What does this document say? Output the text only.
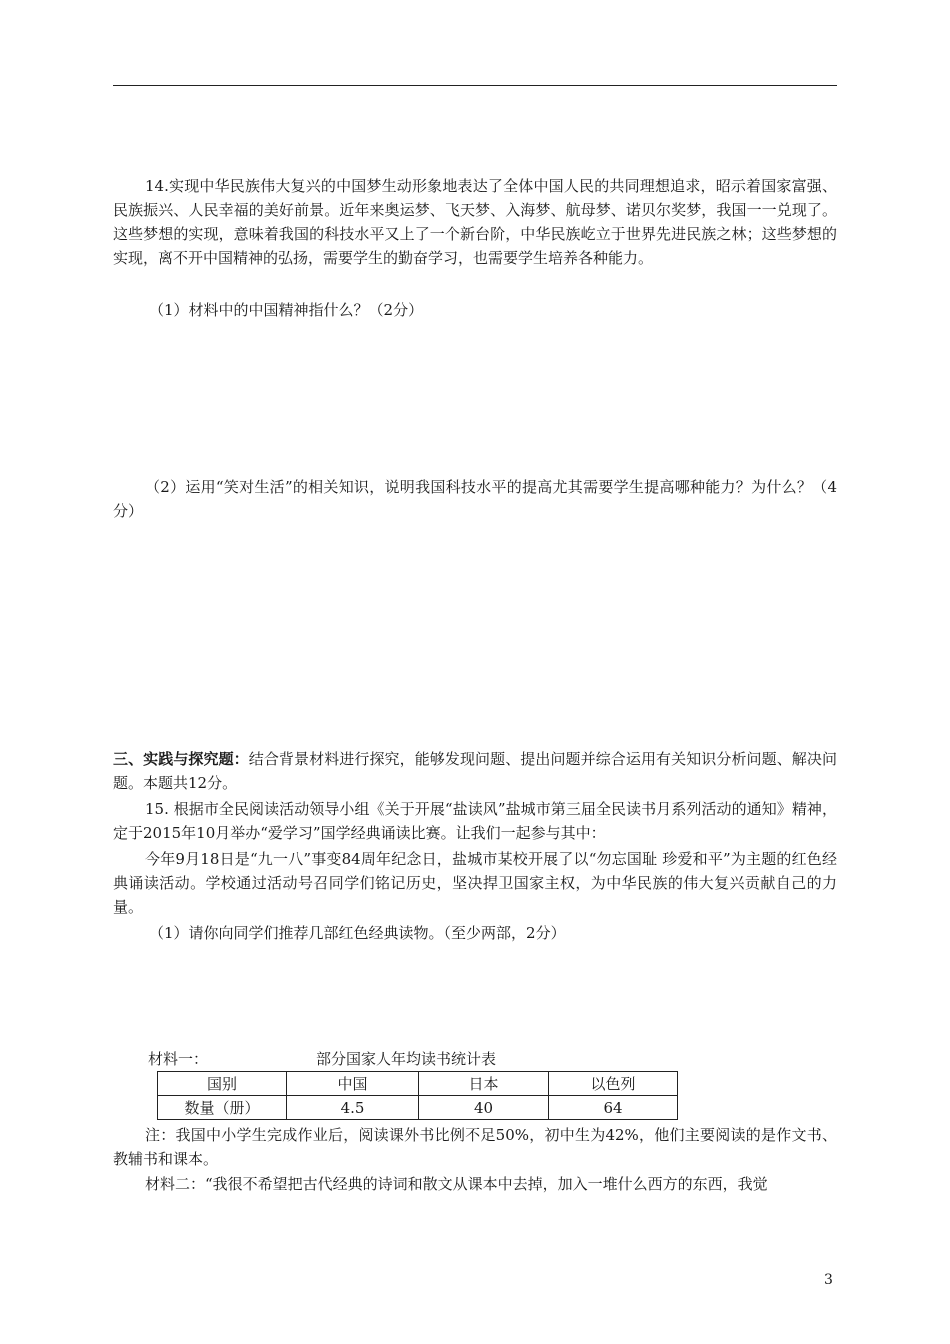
14.实现中华民族伟大复兴的中国梦生动形象地表达了全体中国人民的共同理想追求，昭示着国家富强、民族振兴、人民幸福的美好前景。近年来奥运梦、飞天梦、入海梦、航母梦、诺贝尔奖梦，我国一一兑现了。这些梦想的实现，意味着我国的科技水平又上了一个新台阶，中华民族屹立于世界先进民族之林；这些梦想的实现，离不开中国精神的弘扬，需要学生的勤奋学习，也需要学生培养各种能力。

（1）材料中的中国精神指什么？（2分）

（2）运用“笑对生活”的相关知识，说明我国科技水平的提高尤其需要学生提高哪种能力？为什么？（4分）

三、实践与探究题：结合背景材料进行探究，能够发现问题、提出问题并综合运用有关知识分析问题、解决问题。本题共12分。

15. 根据市全民阅读活动领导小组《关于开展“盐读风”盐城市第三届全民读书月系列活动的通知》精神，定于2015年10月举办“爱学习”国学经典诵读比赛。让我们一起参与其中：

今年9月18日是“九一八”事变84周年纪念日，盐城市某校开展了以“勿忘国耻 珍爱和平”为主题的红色经典诵读活动。学校通过活动号召同学们铭记历史，坚决捍卫国家主权，为中华民族的伟大复兴贡献自己的力量。

（1）请你向同学们推荐几部红色经典读物。（至少两部，2分）

材料一：	部分国家人年均读书统计表
国别	中国	日本	以色列
数量（册）	4.5	40	64

注：我国中小学生完成作业后，阅读课外书比例不足50%，初中生为42%，他们主要阅读的是作文书、教辅书和课本。

材料二：“我很不希望把古代经典的诗词和散文从课本中去掉，加入一堆什么西方的东西，我觉

3
